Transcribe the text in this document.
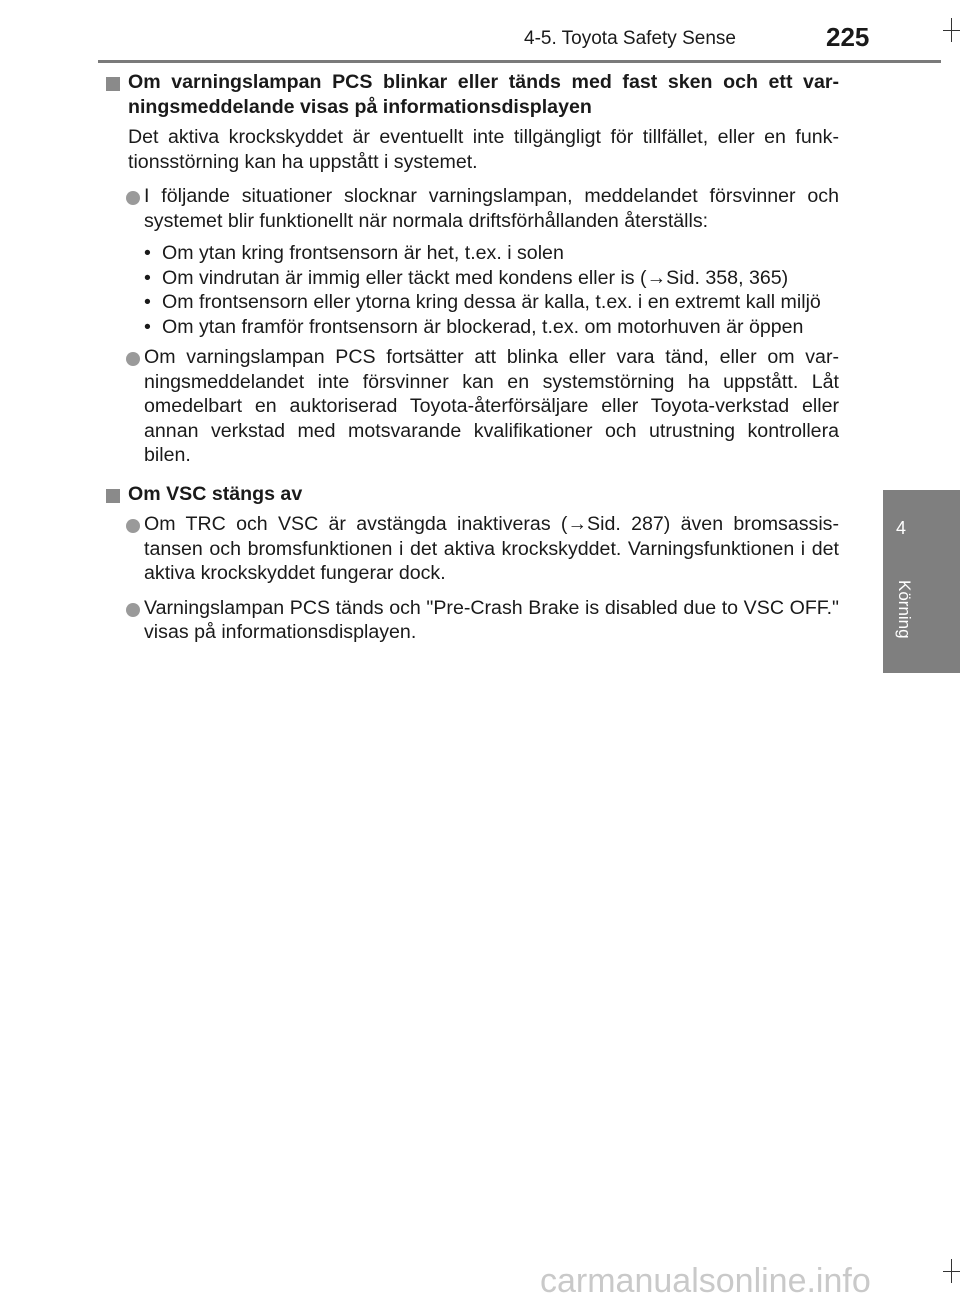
4-5. Toyota Safety Sense	225
4
Körning

Om varningslampan PCS blinkar eller tänds med fast sken och ett var-ningsmeddelande visas på informationsdisplayen

Det aktiva krockskyddet är eventuellt inte tillgängligt för tillfället, eller en funk-tionsstörning kan ha uppstått i systemet.

I följande situationer slocknar varningslampan, meddelandet försvinner och systemet blir funktionellt när normala driftsförhållanden återställs:
• Om ytan kring frontsensorn är het, t.ex. i solen
• Om vindrutan är immig eller täckt med kondens eller is (→Sid. 358, 365)
• Om frontsensorn eller ytorna kring dessa är kalla, t.ex. i en extremt kall miljö
• Om ytan framför frontsensorn är blockerad, t.ex. om motorhuven är öppen
Om varningslampan PCS fortsätter att blinka eller vara tänd, eller om var-ningsmeddelandet inte försvinner kan en systemstörning ha uppstått. Låt omedelbart en auktoriserad Toyota-återförsäljare eller Toyota-verkstad eller annan verkstad med motsvarande kvalifikationer och utrustning kontrollera bilen.

Om VSC stängs av

Om TRC och VSC är avstängda inaktiveras (→Sid. 287) även bromsassis-tansen och bromsfunktionen i det aktiva krockskyddet. Varningsfunktionen i det aktiva krockskyddet fungerar dock.
Varningslampan PCS tänds och "Pre-Crash Brake is disabled due to VSC OFF." visas på informationsdisplayen.
carmanualsonline.info
